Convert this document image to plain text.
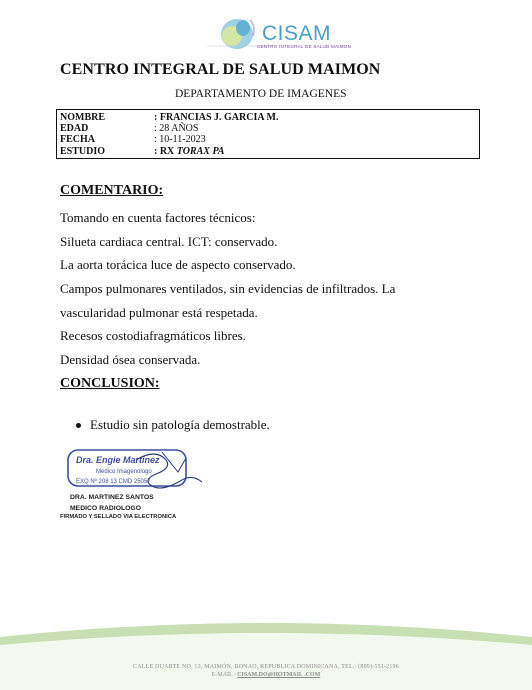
CISAM
CENTRO INTEGRAL DE SALUD MAIMON
CENTRO INTEGRAL DE SALUD MAIMON
DEPARTAMENTO DE IMAGENES
NOMBRE	: FRANCIAS J. GARCIA M.
EDAD	: 28 AÑOS
FECHA	: 10-11-2023
ESTUDIO	: RX TORAX PA
COMENTARIO:
Tomando en cuenta factores técnicos:
Silueta cardiaca central. ICT: conservado.
La aorta torácica luce de aspecto conservado.
Campos pulmonares ventilados, sin evidencias de infiltrados. La
vascularidad pulmonar está respetada.
Recesos costodiafragmáticos libres.
Densidad ósea conservada.
CONCLUSION:
Estudio sin patología demostrable.
Dra. Engie Martinez
Medico Imagenologo
EXQ Nº 208 13 CMD 25057
DRA. MARTINEZ SANTOS
MEDICO RADIOLOGO
FIRMADO Y SELLADO VIA ELECTRONICA
CALLE DUARTE NO. 13, MAIMÓN, BONAO, REPUBLICA DOMINICANA, TEL.: (809)-551-2196
E-MAIL : CISAM.DO@HOTMAIL .COM
